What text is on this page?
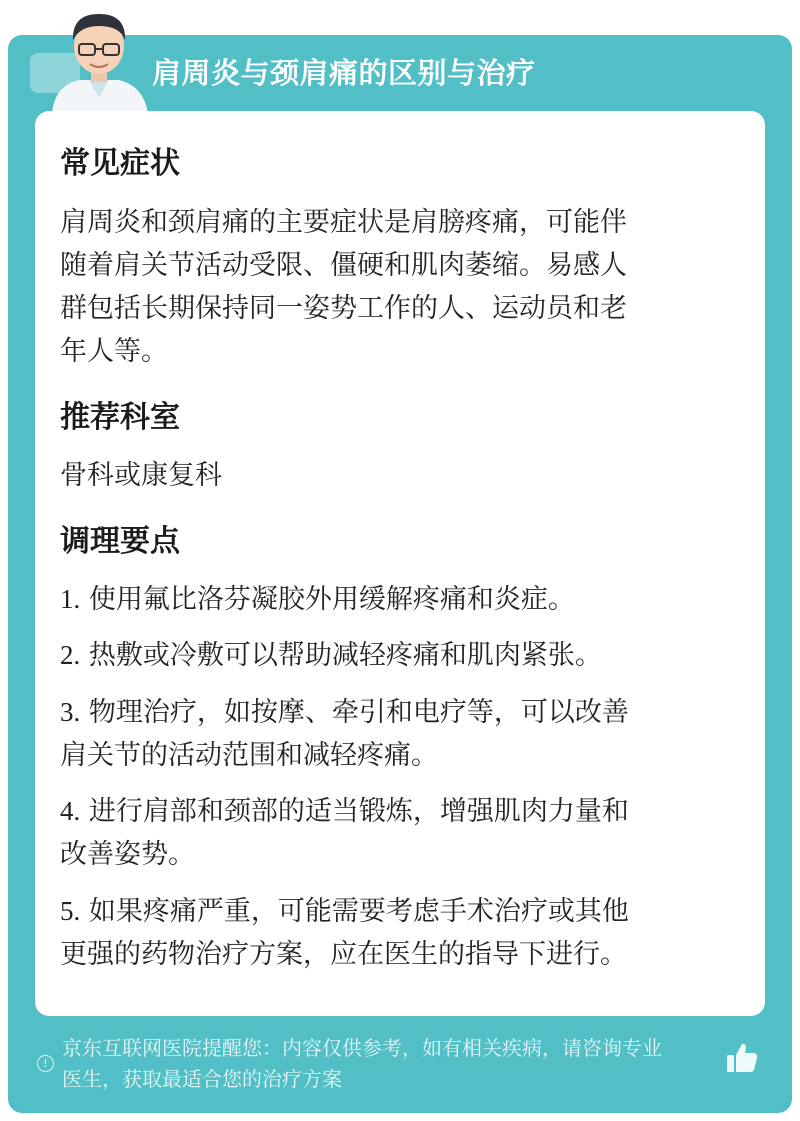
肩周炎与颈肩痛的区别与治疗
常见症状
肩周炎和颈肩痛的主要症状是肩膀疼痛，可能伴
随着肩关节活动受限、僵硬和肌肉萎缩。易感人
群包括长期保持同一姿势工作的人、运动员和老
年人等。
推荐科室
骨科或康复科
调理要点
1. 使用氟比洛芬凝胶外用缓解疼痛和炎症。
2. 热敷或冷敷可以帮助减轻疼痛和肌肉紧张。
3. 物理治疗，如按摩、牵引和电疗等，可以改善
肩关节的活动范围和减轻疼痛。
4. 进行肩部和颈部的适当锻炼，增强肌肉力量和
改善姿势。
5. 如果疼痛严重，可能需要考虑手术治疗或其他
更强的药物治疗方案，应在医生的指导下进行。
!
京东互联网医院提醒您：内容仅供参考，如有相关疾病，请咨询专业
医生，获取最适合您的治疗方案
